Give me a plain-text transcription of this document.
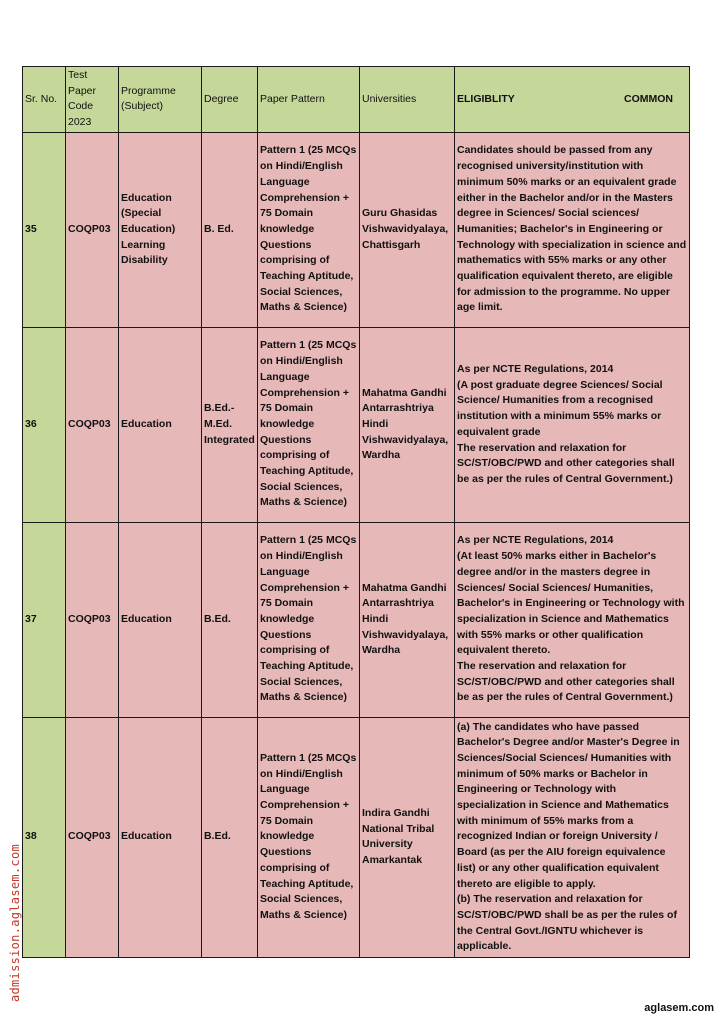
Sr. No.	Test Paper Code 2023	Programme (Subject)	Degree	Paper Pattern	Universities	ELIGIBLITY COMMON

35	COQP03	Education (Special Education) Learning Disability	B. Ed.	Pattern 1 (25 MCQs on Hindi/English Language Comprehension + 75 Domain knowledge Questions comprising of Teaching Aptitude, Social Sciences, Maths & Science)	Guru Ghasidas Vishwavidyalaya, Chattisgarh	Candidates should be passed from any recognised university/institution with minimum 50% marks or an equivalent grade either in the Bachelor and/or in the Masters degree in Sciences/ Social sciences/ Humanities; Bachelor's in Engineering or Technology with specialization in science and mathematics with 55% marks or any other qualification equivalent thereto, are eligible for admission to the programme. No upper age limit.
36	COQP03	Education	B.Ed.- M.Ed. Integrated	Pattern 1 (25 MCQs on Hindi/English Language Comprehension + 75 Domain knowledge Questions comprising of Teaching Aptitude, Social Sciences, Maths & Science)	Mahatma Gandhi Antarrashtriya Hindi Vishwavidyalaya, Wardha	As per NCTE Regulations, 2014
(A post graduate degree Sciences/ Social Science/ Humanities from a recognised institution with a minimum 55% marks or equivalent grade
The reservation and relaxation for SC/ST/OBC/PWD and other categories shall be as per the rules of Central Government.)
37	COQP03	Education	B.Ed.	Pattern 1 (25 MCQs on Hindi/English Language Comprehension + 75 Domain knowledge Questions comprising of Teaching Aptitude, Social Sciences, Maths & Science)	Mahatma Gandhi Antarrashtriya Hindi Vishwavidyalaya, Wardha	As per NCTE Regulations, 2014
(At least 50% marks either in Bachelor's degree and/or in the masters degree in Sciences/ Social Sciences/ Humanities, Bachelor's in Engineering or Technology with specialization in Science and Mathematics with 55% marks or other qualification equivalent thereto.
The reservation and relaxation for SC/ST/OBC/PWD and other categories shall be as per the rules of Central Government.)
38	COQP03	Education	B.Ed.	Pattern 1 (25 MCQs on Hindi/English Language Comprehension + 75 Domain knowledge Questions comprising of Teaching Aptitude, Social Sciences, Maths & Science)	Indira Gandhi National Tribal University Amarkantak	(a) The candidates who have passed Bachelor's Degree and/or Master's Degree in Sciences/Social Sciences/ Humanities with minimum of 50% marks or Bachelor in Engineering or Technology with specialization in Science and Mathematics with minimum of 55% marks from a recognized Indian or foreign University / Board (as per the AIU foreign equivalence list) or any other qualification equivalent thereto are eligible to apply.
(b) The reservation and relaxation for SC/ST/OBC/PWD shall be as per the rules of the Central Govt./IGNTU whichever is applicable.
admission.aglasem.com
aglasem.com
